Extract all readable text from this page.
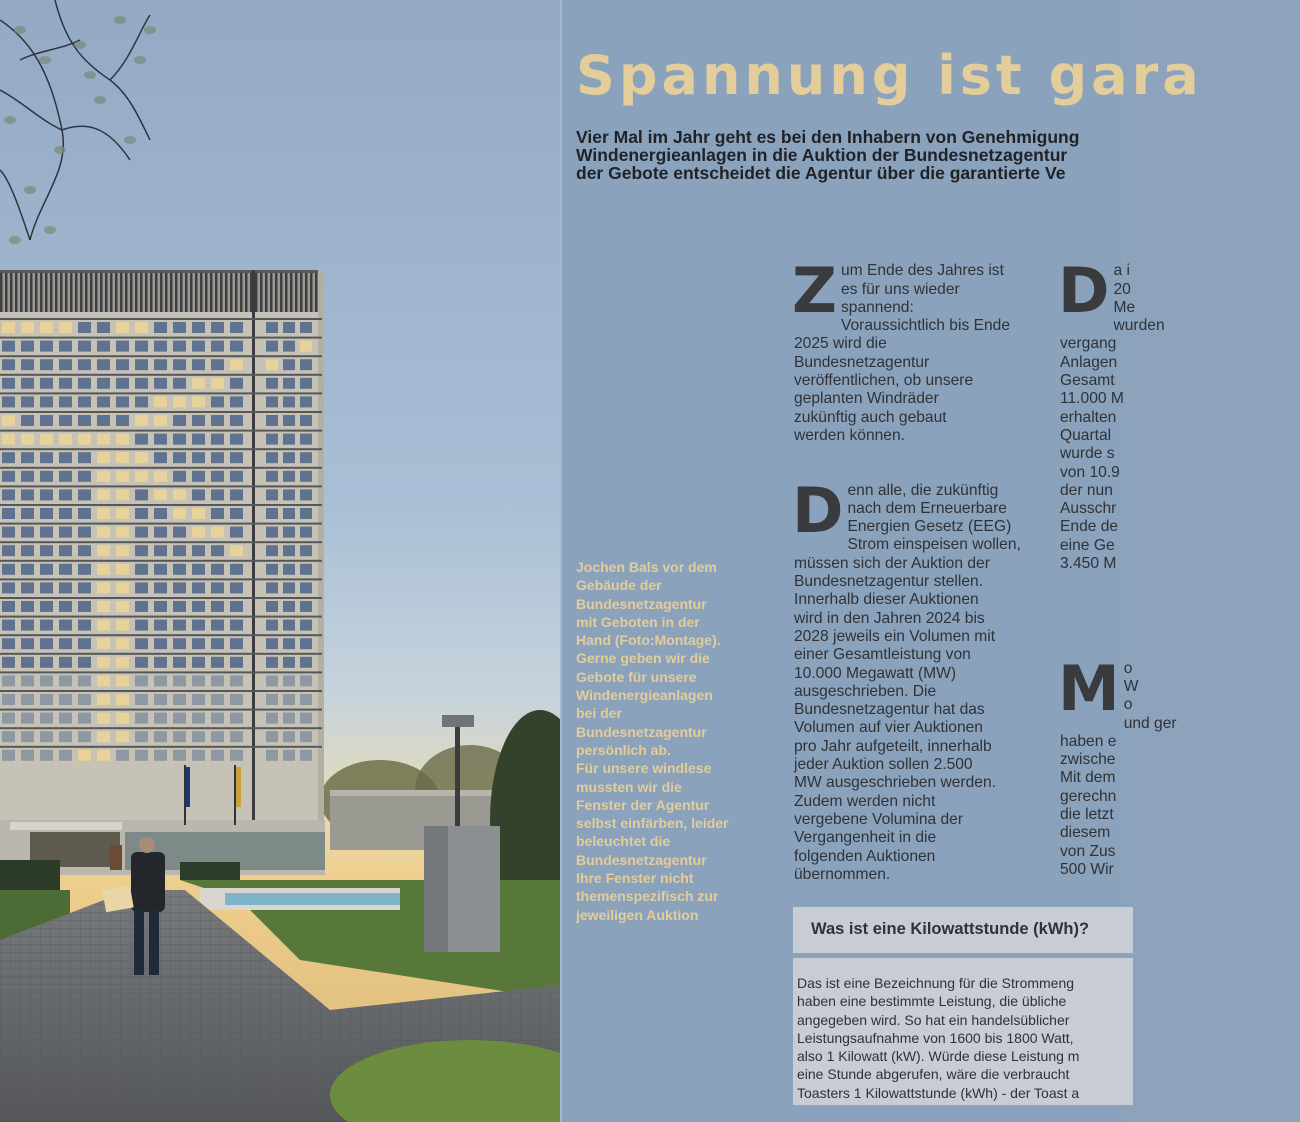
Spannung ist gara

Vier Mal im Jahr geht es bei den Inhabern von Genehmigung
Windenergieanlagen in die Auktion der Bundesnetzagentur
der Gebote entscheidet die Agentur über die garantierte Ve

Jochen Bals vor dem
Gebäude der
Bundesnetzagentur
mit Geboten in der
Hand (Foto:Montage).
Gerne geben wir die
Gebote für unsere
Windenergieanlagen
bei der
Bundesnetzagentur
persönlich ab.
Für unsere windlese
mussten wir die
Fenster der Agentur
selbst einfärben, leider
beleuchtet die
Bundesnetzagentur
Ihre Fenster nicht
themenspezifisch zur
jeweiligen Auktion

Zum Ende des Jahres ist
es für uns wieder
spannend:
Voraussichtlich bis Ende
2025 wird die
Bundesnetzagentur
veröffentlichen, ob unsere
geplanten Windräder
zukünftig auch gebaut
werden können.

Denn alle, die zukünftig
nach dem Erneuerbare
Energien Gesetz (EEG)
Strom einspeisen wollen,
müssen sich der Auktion der
Bundesnetzagentur stellen.
Innerhalb dieser Auktionen
wird in den Jahren 2024 bis
2028 jeweils ein Volumen mit
einer Gesamtleistung von
10.000 Megawatt (MW)
ausgeschrieben. Die
Bundesnetzagentur hat das
Volumen auf vier Auktionen
pro Jahr aufgeteilt, innerhalb
jeder Auktion sollen 2.500
MW ausgeschrieben werden.
Zudem werden nicht
vergebene Volumina der
Vergangenheit in die
folgenden Auktionen
übernommen.

Da i
20
Me
wurden
vergang
Anlagen
Gesamt
11.000 M
erhalten
Quartal
wurde s
von 10.9
der nun
Ausschr
Ende de
eine Ge
3.450 M

Mo
W
o
und ger
haben e
zwische
Mit dem
gerechn
die letzt
diesem
von Zus
500 Wir

Was ist eine Kilowattstunde (kWh)?

Das ist eine Bezeichnung für die Strommeng
haben eine bestimmte Leistung, die übliche
angegeben wird. So hat ein handelsüblicher
Leistungsaufnahme von 1600 bis 1800 Watt,
also 1 Kilowatt (kW). Würde diese Leistung m
eine Stunde abgerufen, wäre die verbraucht
Toasters 1 Kilowattstunde (kWh) - der Toast a
